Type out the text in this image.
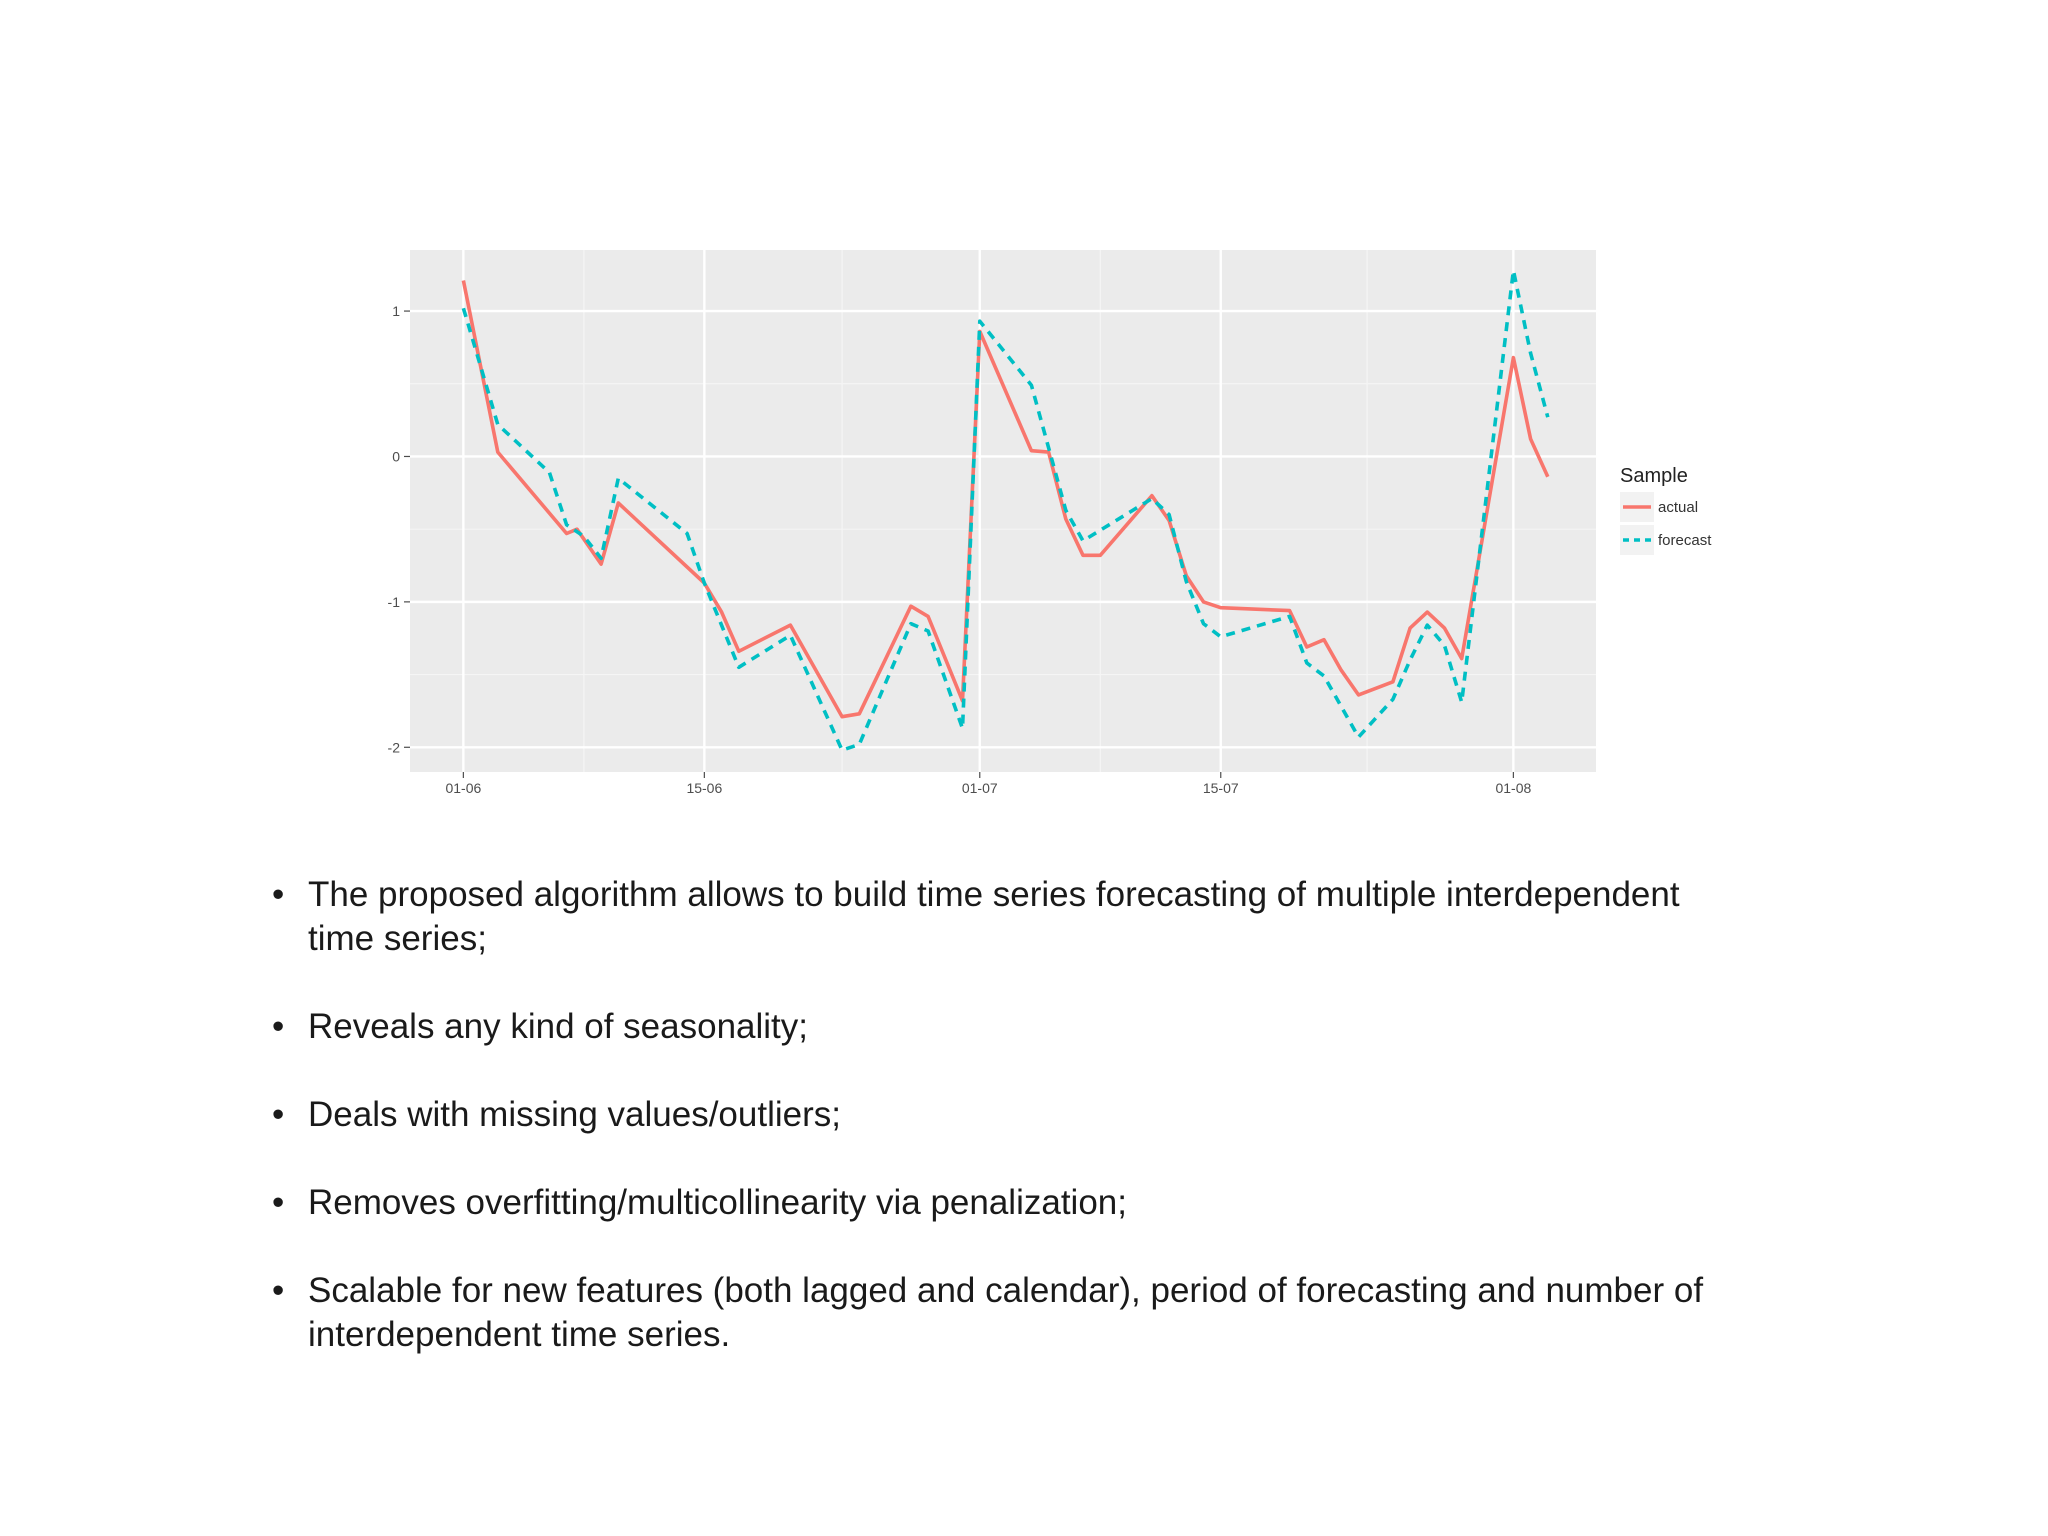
01-06	15-06	01-07	15-07	01-08
1
0
-1
-2
Sample
actual
forecast
• The proposed algorithm allows to build time series forecasting of multiple interdependent time series;
• Reveals any kind of seasonality;
• Deals with missing values/outliers;
• Removes overfitting/multicollinearity via penalization;
• Scalable for new features (both lagged and calendar), period of forecasting and number of interdependent time series.
